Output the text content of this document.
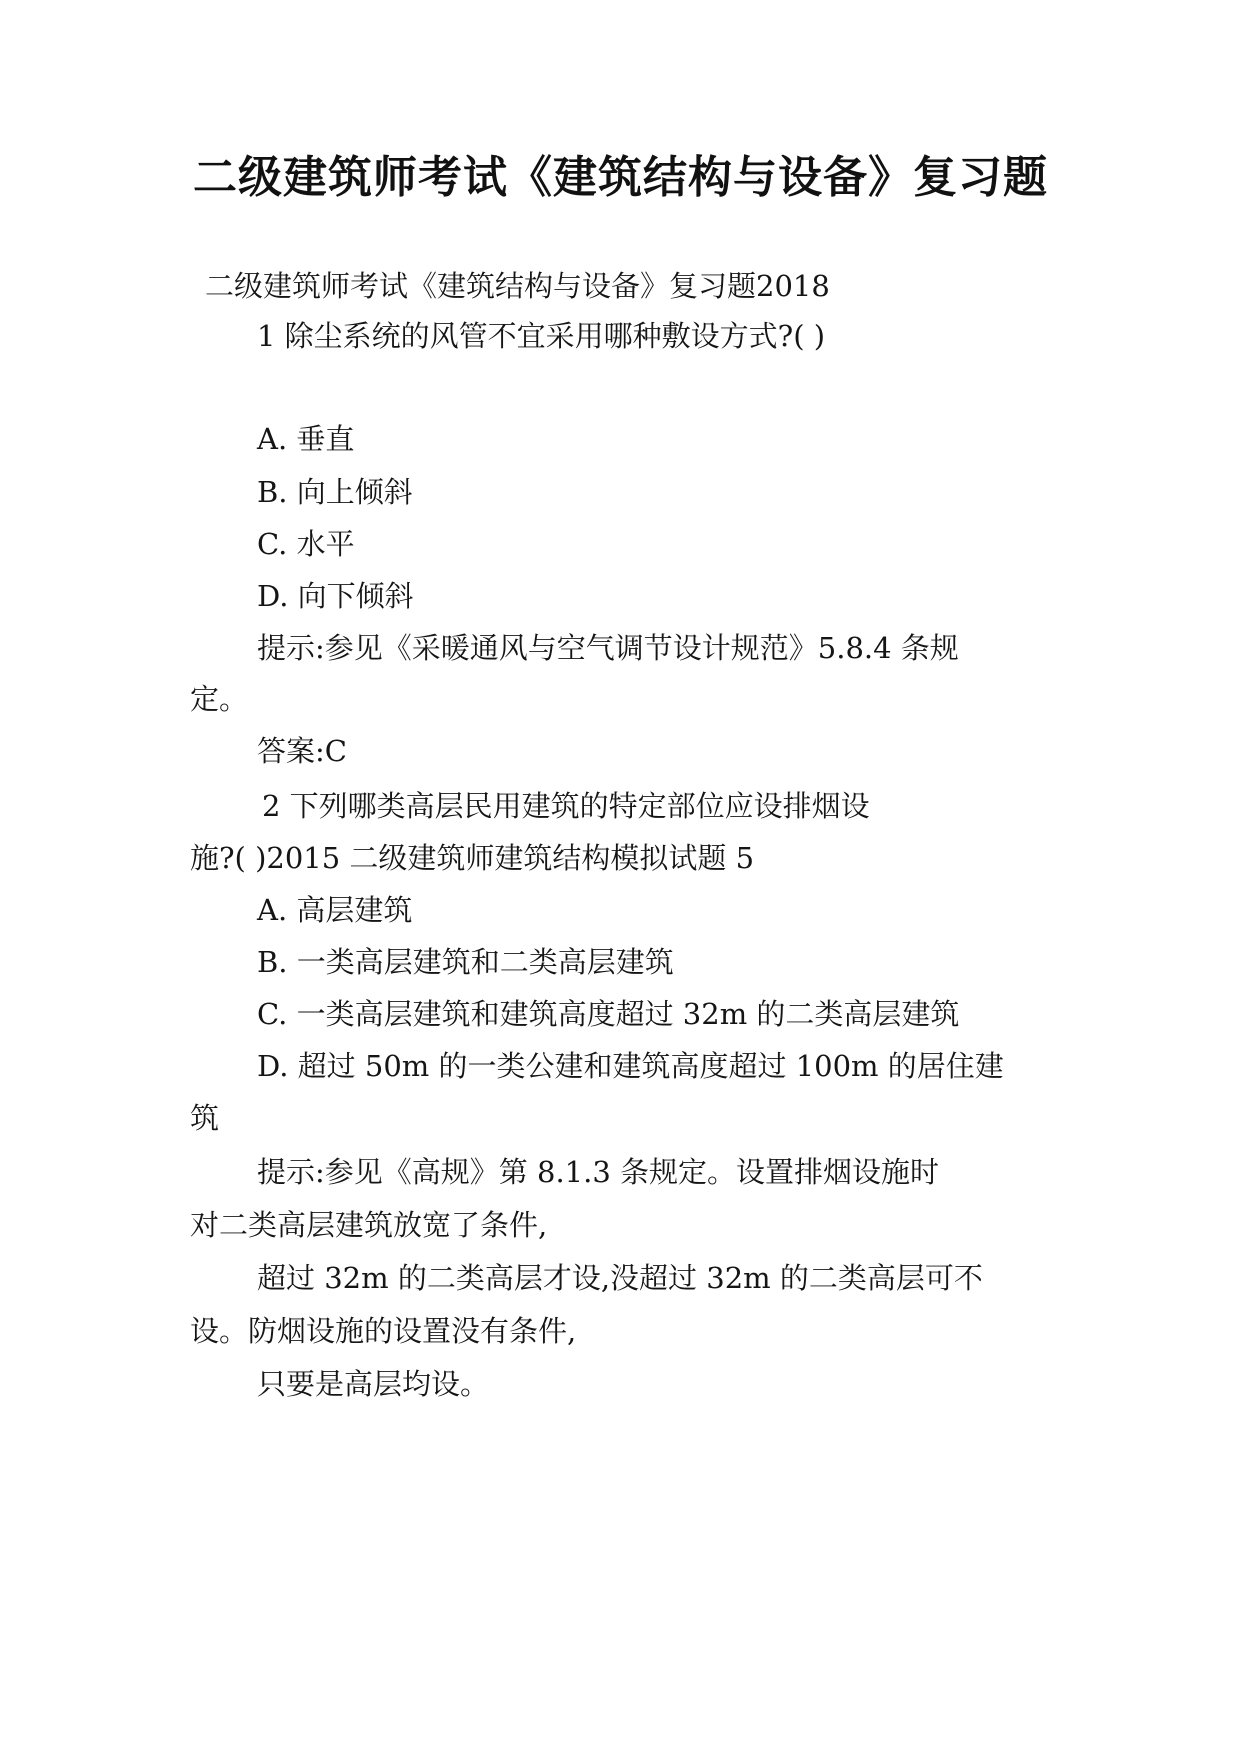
二级建筑师考试《建筑结构与设备》复习题
二级建筑师考试《建筑结构与设备》复习题2018
1 除尘系统的风管不宜采用哪种敷设方式?( )
A. 垂直
B. 向上倾斜
C. 水平
D. 向下倾斜
提示:参见《采暖通风与空气调节设计规范》5.8.4 条规
定。
答案:C
2 下列哪类高层民用建筑的特定部位应设排烟设
施?( )2015 二级建筑师建筑结构模拟试题 5
A. 高层建筑
B. 一类高层建筑和二类高层建筑
C. 一类高层建筑和建筑高度超过 32m 的二类高层建筑
D. 超过 50m 的一类公建和建筑高度超过 100m 的居住建
筑
提示:参见《高规》第 8.1.3 条规定。设置排烟设施时
对二类高层建筑放宽了条件,
超过 32m 的二类高层才设,没超过 32m 的二类高层可不
设。防烟设施的设置没有条件,
只要是高层均设。
